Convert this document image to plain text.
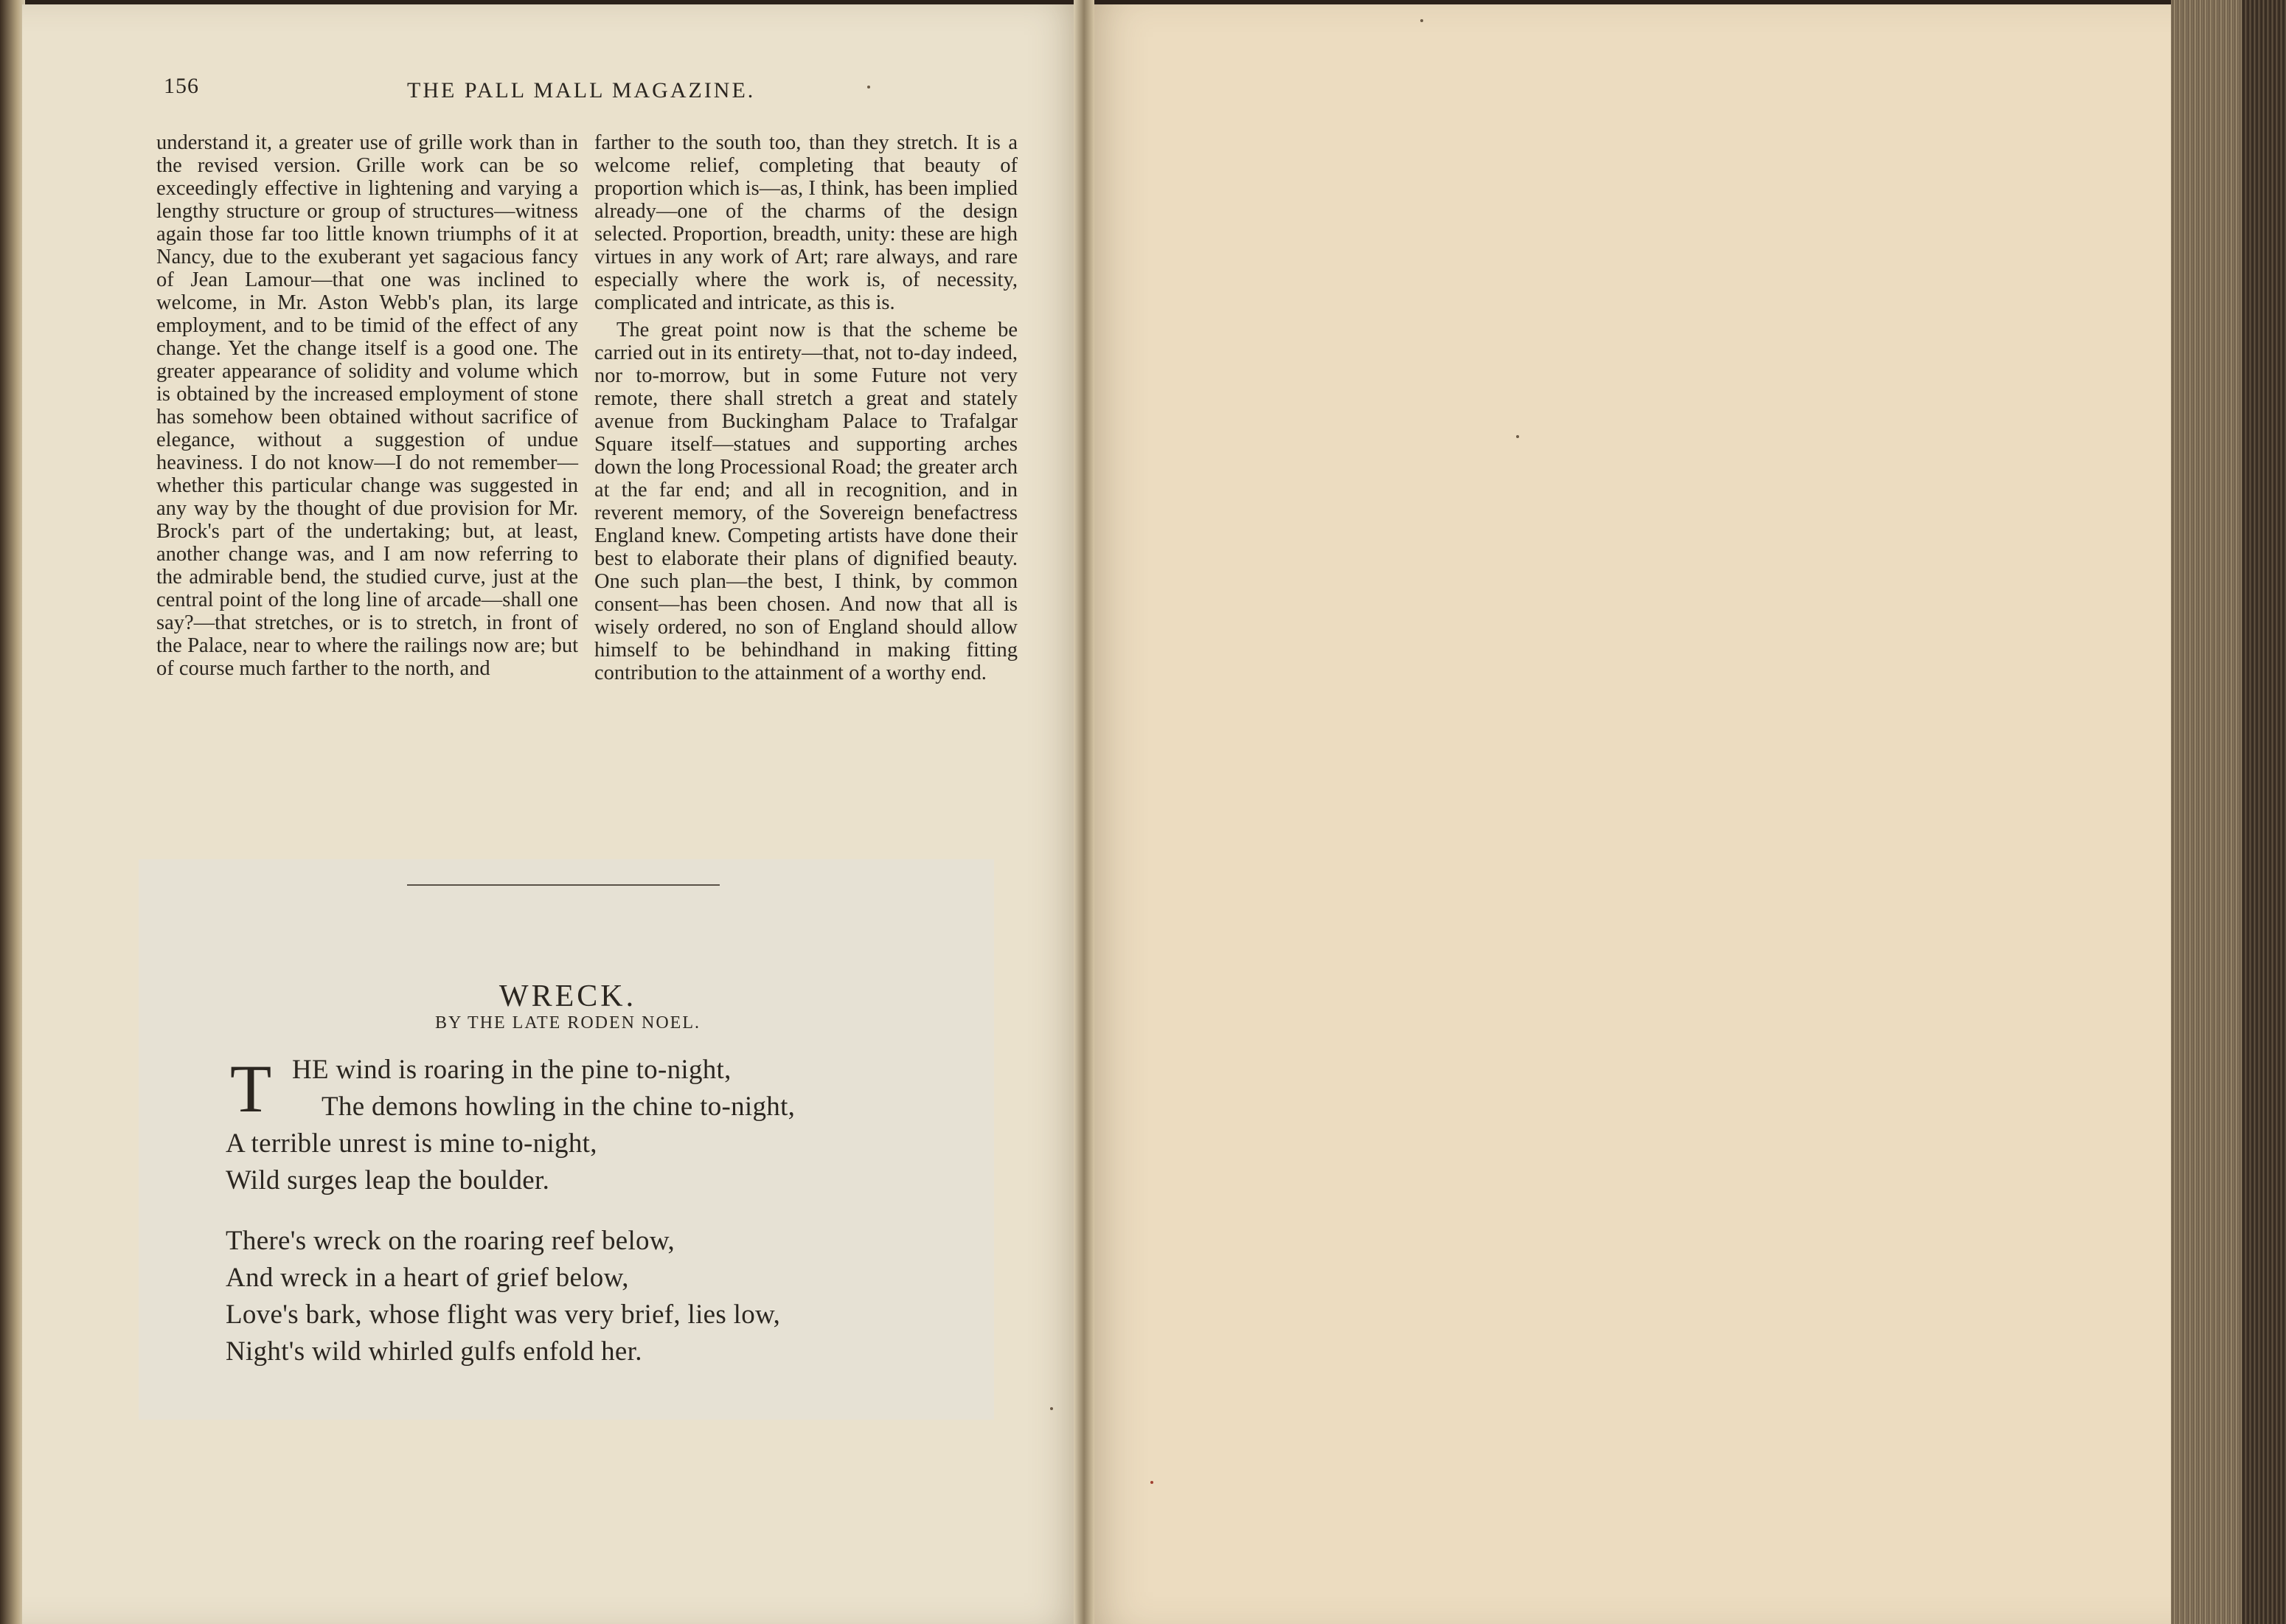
156	THE PALL MALL MAGAZINE.

understand it, a greater use of grille work than in the revised version. Grille work can be so exceedingly effective in lightening and varying a lengthy structure or group of structures—witness again those far too little known triumphs of it at Nancy, due to the exuberant yet sagacious fancy of Jean Lamour—that one was inclined to welcome, in Mr. Aston Webb's plan, its large employment, and to be timid of the effect of any change. Yet the change itself is a good one. The greater appearance of solidity and volume which is obtained by the increased employment of stone has somehow been obtained without sacrifice of elegance, without a suggestion of undue heaviness. I do not know—I do not remember—whether this particular change was suggested in any way by the thought of due provision for Mr. Brock's part of the undertaking; but, at least, another change was, and I am now referring to the admirable bend, the studied curve, just at the central point of the long line of arcade—shall one say?—that stretches, or is to stretch, in front of the Palace, near to where the railings now are; but of course much farther to the north, and

farther to the south too, than they stretch. It is a welcome relief, completing that beauty of proportion which is—as, I think, has been implied already—one of the charms of the design selected. Proportion, breadth, unity: these are high virtues in any work of Art; rare always, and rare especially where the work is, of necessity, complicated and intricate, as this is.

The great point now is that the scheme be carried out in its entirety—that, not to-day indeed, nor to-morrow, but in some Future not very remote, there shall stretch a great and stately avenue from Buckingham Palace to Trafalgar Square itself—statues and supporting arches down the long Processional Road; the greater arch at the far end; and all in recognition, and in reverent memory, of the Sovereign benefactress England knew. Competing artists have done their best to elaborate their plans of dignified beauty. One such plan—the best, I think, by common consent—has been chosen. And now that all is wisely ordered, no son of England should allow himself to be behindhand in making fitting contribution to the attainment of a worthy end.

WRECK.
BY THE LATE RODEN NOEL.
T HE wind is roaring in the pine to-night,
The demons howling in the chine to-night,
A terrible unrest is mine to-night,
Wild surges leap the boulder.
There's wreck on the roaring reef below,
And wreck in a heart of grief below,
Love's bark, whose flight was very brief, lies low,
Night's wild whirled gulfs enfold her.
